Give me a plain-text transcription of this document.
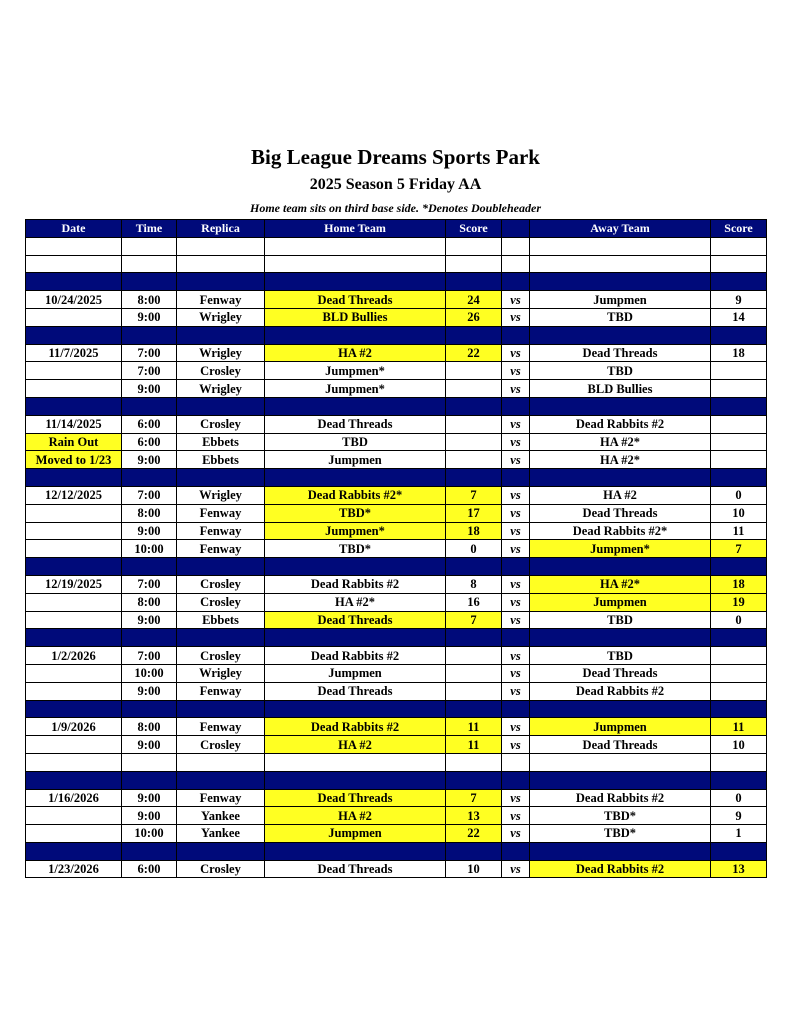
Big League Dreams Sports Park
2025 Season 5 Friday AA
Home team sits on third base side. *Denotes Doubleheader
Date	Time	Replica	Home Team	Score		Away Team	Score

10/24/2025	8:00	Fenway	Dead Threads	24	vs	Jumpmen	9
	9:00	Wrigley	BLD Bullies	26	vs	TBD	14

11/7/2025	7:00	Wrigley	HA #2	22	vs	Dead Threads	18
	7:00	Crosley	Jumpmen*		vs	TBD	
	9:00	Wrigley	Jumpmen*		vs	BLD Bullies	

11/14/2025	6:00	Crosley	Dead Threads		vs	Dead Rabbits #2	
Rain Out	6:00	Ebbets	TBD		vs	HA #2*	
Moved to 1/23	9:00	Ebbets	Jumpmen		vs	HA #2*	

12/12/2025	7:00	Wrigley	Dead Rabbits #2*	7	vs	HA #2	0
	8:00	Fenway	TBD*	17	vs	Dead Threads	10
	9:00	Fenway	Jumpmen*	18	vs	Dead Rabbits #2*	11
	10:00	Fenway	TBD*	0	vs	Jumpmen*	7

12/19/2025	7:00	Crosley	Dead Rabbits #2	8	vs	HA #2*	18
	8:00	Crosley	HA #2*	16	vs	Jumpmen	19
	9:00	Ebbets	Dead Threads	7	vs	TBD	0

1/2/2026	7:00	Crosley	Dead Rabbits #2		vs	TBD	
	10:00	Wrigley	Jumpmen		vs	Dead Threads	
	9:00	Fenway	Dead Threads		vs	Dead Rabbits #2	

1/9/2026	8:00	Fenway	Dead Rabbits #2	11	vs	Jumpmen	11
	9:00	Crosley	HA #2	11	vs	Dead Threads	10

1/16/2026	9:00	Fenway	Dead Threads	7	vs	Dead Rabbits #2	0
	9:00	Yankee	HA #2	13	vs	TBD*	9
	10:00	Yankee	Jumpmen	22	vs	TBD*	1

1/23/2026	6:00	Crosley	Dead Threads	10	vs	Dead Rabbits #2	13
